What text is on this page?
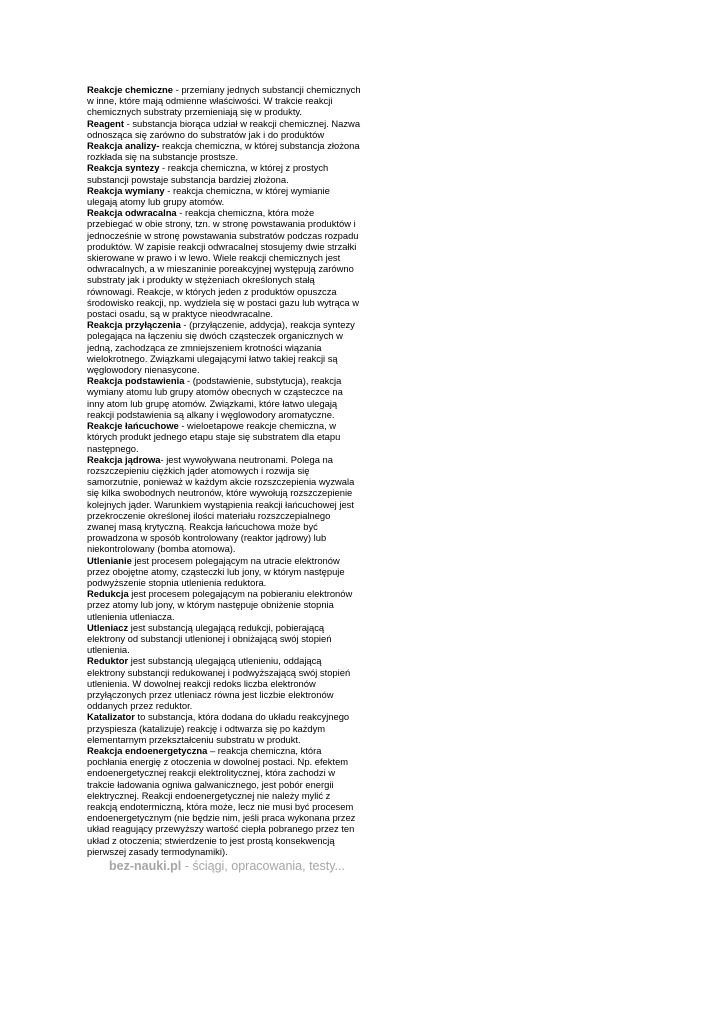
Reakcje chemiczne - przemiany jednych substancji chemicznych w inne, które mają odmienne właściwości. W trakcie reakcji chemicznych substraty przemieniają się w produkty.

Reagent - substancja biorąca udział w reakcji chemicznej. Nazwa odnosząca się zarówno do substratów jak i do produktów

Reakcja analizy- reakcja chemiczna, w której substancja złożona rozkłada się na substancje prostsze.

Reakcja syntezy - reakcja chemiczna, w której z prostych substancji powstaje substancja bardziej złożona.

Reakcja wymiany - reakcja chemiczna, w której wymianie ulegają atomy lub grupy atomów.

Reakcja odwracalna - reakcja chemiczna, która może przebiegać w obie strony, tzn. w stronę powstawania produktów i jednocześnie w stronę powstawania substratów podczas rozpadu produktów. W zapisie reakcji odwracalnej stosujemy dwie strzałki skierowane w prawo i w lewo. Wiele reakcji chemicznych jest odwracalnych, a w mieszaninie poreakcyjnej występują zarówno substraty jak i produkty w stężeniach określonych stałą równowagi. Reakcje, w których jeden z produktów opuszcza środowisko reakcji, np. wydziela się w postaci gazu lub wytrąca w postaci osadu, są w praktyce nieodwracalne.

Reakcja przyłączenia - (przyłączenie, addycja), reakcja syntezy polegająca na łączeniu się dwóch cząsteczek organicznych w jedną, zachodząca ze zmniejszeniem krotności wiązania wielokrotnego. Związkami ulegającymi łatwo takiej reakcji są węglowodory nienasycone.

Reakcja podstawienia - (podstawienie, substytucja), reakcja wymiany atomu lub grupy atomów obecnych w cząsteczce na inny atom lub grupę atomów. Związkami, które łatwo ulegają reakcji podstawienia są alkany i węglowodory aromatyczne.

Reakcje łańcuchowe - wieloetapowe reakcje chemiczna, w których produkt jednego etapu staje się substratem dla etapu następnego.

Reakcja jądrowa- jest wywoływana neutronami. Polega na rozszczepieniu ciężkich jąder atomowych i rozwija się samorzutnie, ponieważ w każdym akcie rozszczepienia wyzwala się kilka swobodnych neutronów, które wywołują rozszczepienie kolejnych jąder. Warunkiem wystąpienia reakcji łańcuchowej jest przekroczenie określonej ilości materiału rozszczepialnego zwanej masą krytyczną. Reakcja łańcuchowa może być prowadzona w sposób kontrolowany (reaktor jądrowy) lub niekontrolowany (bomba atomowa).

Utlenianie jest procesem polegającym na utracie elektronów przez obojętne atomy, cząsteczki lub jony, w którym następuje podwyższenie stopnia utlenienia reduktora.

Redukcja jest procesem polegającym na pobieraniu elektronów przez atomy lub jony, w którym następuje obniżenie stopnia utlenienia utleniacza.

Utleniacz jest substancją ulegającą redukcji, pobierającą elektrony od substancji utlenionej i obniżającą swój stopień utlenienia.

Reduktor jest substancją ulegającą utlenieniu, oddającą elektrony substancji redukowanej i podwyższającą swój stopień utlenienia. W dowolnej reakcji redoks liczba elektronów przyłączonych przez utleniacz równa jest liczbie elektronów oddanych przez reduktor.

Katalizator to substancja, która dodana do układu reakcyjnego przyspiesza (katalizuje) reakcję i odtwarza się po każdym elementarnym przekształceniu substratu w produkt.

Reakcja endoenergetyczna – reakcja chemiczna, która pochłania energię z otoczenia w dowolnej postaci. Np. efektem endoenergetycznej reakcji elektrolitycznej, która zachodzi w trakcie ładowania ogniwa galwanicznego, jest pobór energii elektrycznej. Reakcji endoenergetycznej nie należy mylić z reakcją endotermiczną, która może, lecz nie musi być procesem endoenergetycznym (nie będzie nim, jeśli praca wykonana przez układ reagujący przewyższy wartość ciepła pobranego przez ten układ z otoczenia; stwierdzenie to jest prostą konsekwencją pierwszej zasady termodynamiki).

bez-nauki.pl - ściągi, opracowania, testy...
